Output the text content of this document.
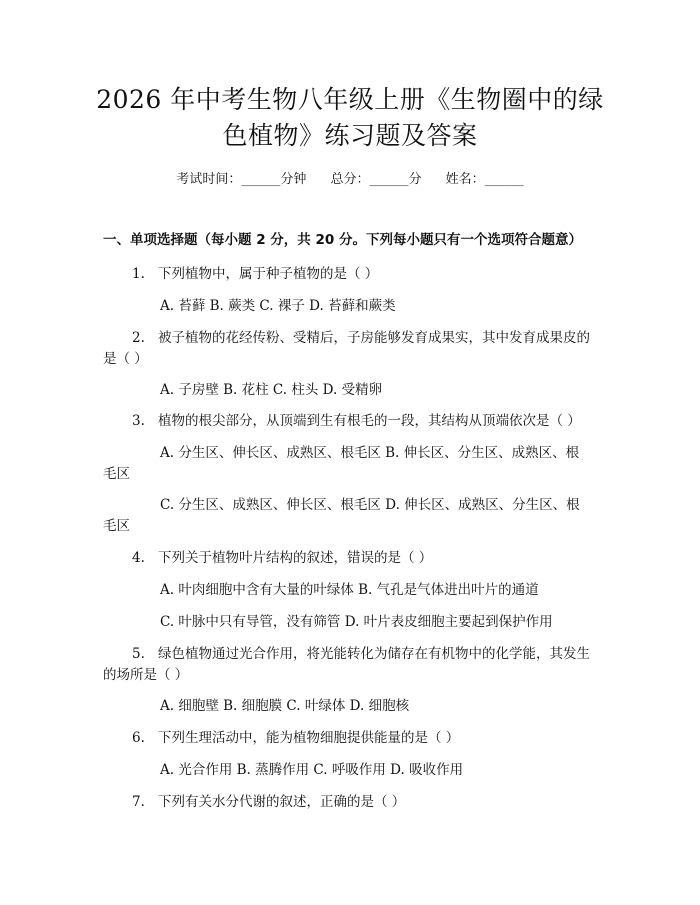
2026 年中考生物八年级上册《生物圈中的绿
色植物》练习题及答案
考试时间：______分钟 总分：______分 姓名：______
一、单项选择题（每小题 2 分，共 20 分。下列每小题只有一个选项符合题意）
1. 下列植物中，属于种子植物的是（ ）
A. 苔藓 B. 蕨类 C. 裸子 D. 苔藓和蕨类
2. 被子植物的花经传粉、受精后，子房能够发育成果实，其中发育成果皮的
是（ ）
A. 子房壁 B. 花柱 C. 柱头 D. 受精卵
3. 植物的根尖部分，从顶端到生有根毛的一段，其结构从顶端依次是（ ）
A. 分生区、伸长区、成熟区、根毛区 B. 伸长区、分生区、成熟区、根
毛区
C. 分生区、成熟区、伸长区、根毛区 D. 伸长区、成熟区、分生区、根
毛区
4. 下列关于植物叶片结构的叙述，错误的是（ ）
A. 叶肉细胞中含有大量的叶绿体 B. 气孔是气体进出叶片的通道
C. 叶脉中只有导管，没有筛管 D. 叶片表皮细胞主要起到保护作用
5. 绿色植物通过光合作用，将光能转化为储存在有机物中的化学能，其发生
的场所是（ ）
A. 细胞壁 B. 细胞膜 C. 叶绿体 D. 细胞核
6. 下列生理活动中，能为植物细胞提供能量的是（ ）
A. 光合作用 B. 蒸腾作用 C. 呼吸作用 D. 吸收作用
7. 下列有关水分代谢的叙述，正确的是（ ）
